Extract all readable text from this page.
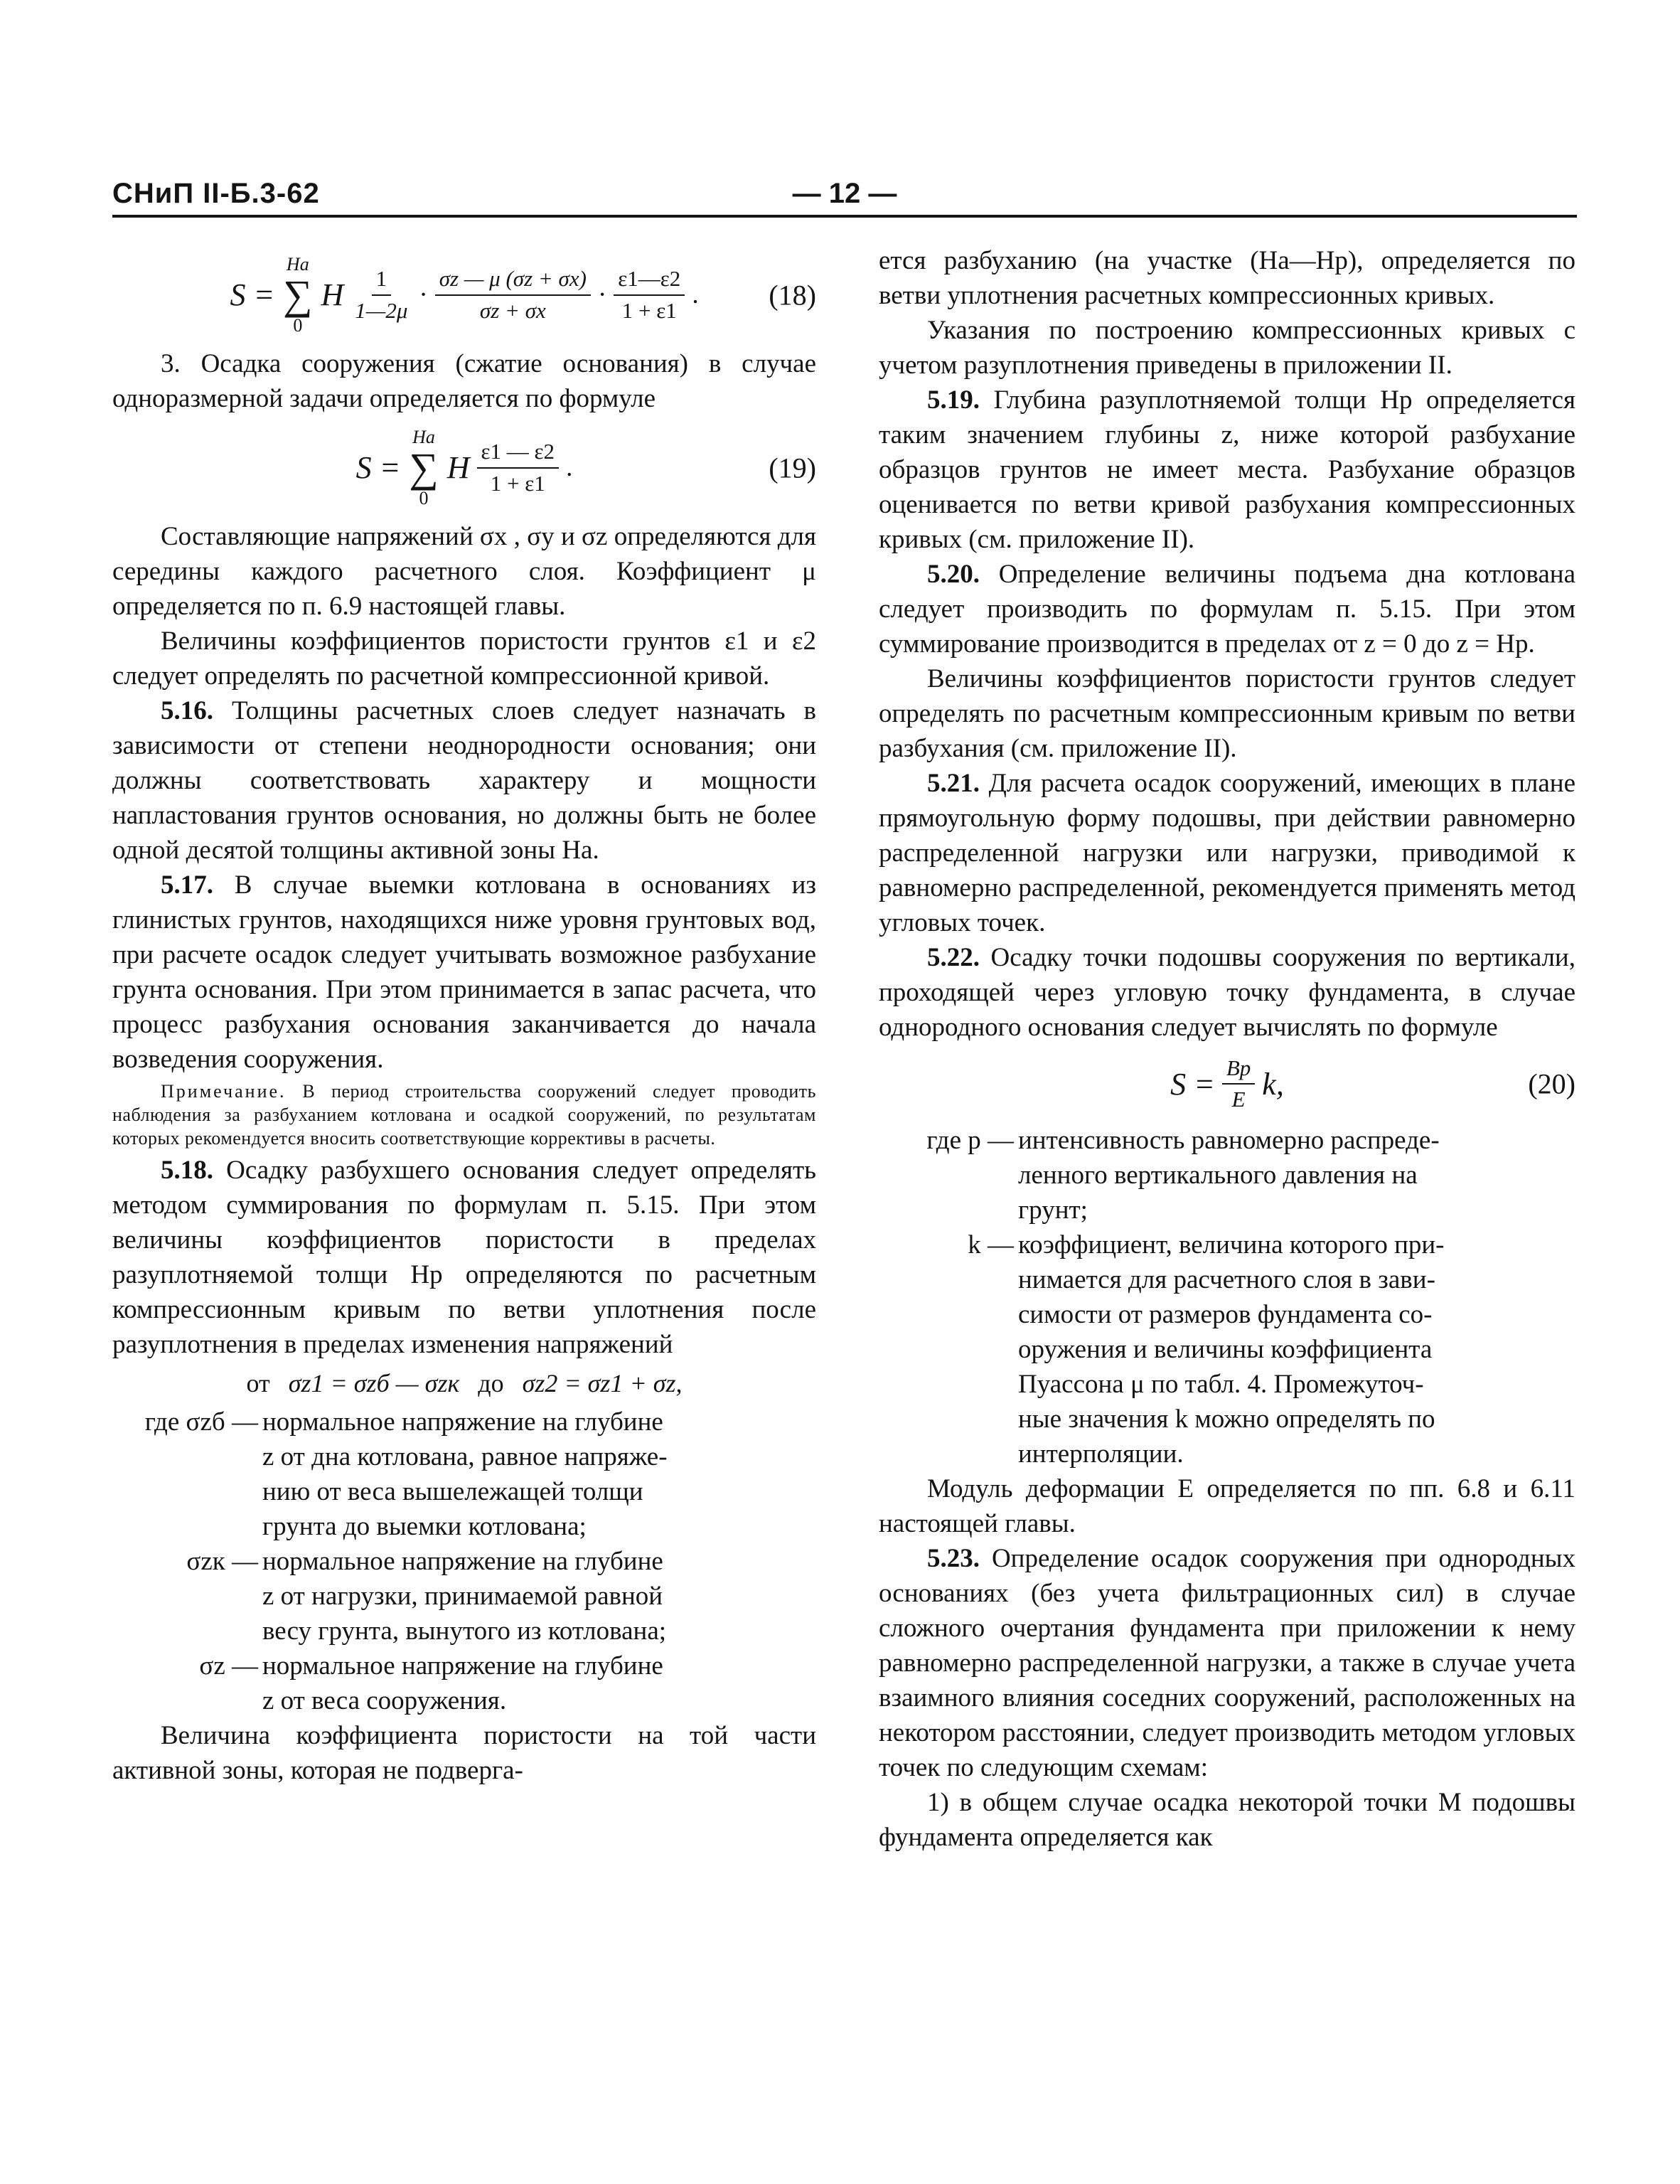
СНиП II-Б.3-62	— 12 —
S =
Hа
∑
0
H $\frac{1}{1—2\mu} \cdot \frac{\sigma z — \mu (\sigma z + \sigma x)}{\sigma z + \sigma x} \cdot \frac{\varepsilon 1—\varepsilon 2}{1 + \varepsilon 1}$ . (18)

3. Осадка сооружения (сжатие основания) в случае одноразмерной задачи определяется по формуле

S =
Hа
∑
0
H $\frac{\varepsilon 1 — \varepsilon 2}{1 + \varepsilon 1}$ .	(19)

Составляющие напряжений σx , σy и σz определяются для середины каждого расчетного слоя. Коэффициент μ определяется по п. 6.9 настоящей главы.

Величины коэффициентов пористости грунтов ε1 и ε2 следует определять по расчетной компрессионной кривой.

5.16. Толщины расчетных слоев следует назначать в зависимости от степени неоднородности основания; они должны соответствовать характеру и мощности напластования грунтов основания, но должны быть не более одной десятой толщины активной зоны Hа.

5.17. В случае выемки котлована в основаниях из глинистых грунтов, находящихся ниже уровня грунтовых вод, при расчете осадок следует учитывать возможное разбухание грунта основания. При этом принимается в запас расчета, что процесс разбухания основания заканчивается до начала возведения сооружения.

Примечание. В период строительства сооружений следует проводить наблюдения за разбуханием котлована и осадкой сооружений, по результатам которых рекомендуется вносить соответствующие коррективы в расчеты.

5.18. Осадку разбухшего основания следует определять методом суммирования по формулам п. 5.15. При этом величины коэффициентов пористости в пределах разуплотняемой толщи Hр определяются по расчетным компрессионным кривым по ветви уплотнения после разуплотнения в пределах изменения напряжений

от σz1 = σzб — σzк до σz2 = σz1 + σz,
где σzб — нормальное напряжение на глубине

z от дна котлована, равное напряже-

нию от веса вышележащей толщи

грунта до выемки котлована;

σzк — нормальное напряжение на глубине

z от нагрузки, принимаемой равной

весу грунта, вынутого из котлована;

σz — нормальное напряжение на глубине

z от веса сооружения.

Величина коэффициента пористости на той части активной зоны, которая не подверга-

ется разбуханию (на участке (Hа—Hр), определяется по ветви уплотнения расчетных компрессионных кривых.

Указания по построению компрессионных кривых с учетом разуплотнения приведены в приложении II.

5.19. Глубина разуплотняемой толщи Hр определяется таким значением глубины z, ниже которой разбухание образцов грунтов не имеет места. Разбухание образцов оценивается по ветви кривой разбухания компрессионных кривых (см. приложение II).

5.20. Определение величины подъема дна котлована следует производить по формулам п. 5.15. При этом суммирование производится в пределах от z = 0 до z = Hр.

Величины коэффициентов пористости грунтов следует определять по расчетным компрессионным кривым по ветви разбухания (см. приложение II).

5.21. Для расчета осадок сооружений, имеющих в плане прямоугольную форму подошвы, при действии равномерно распределенной нагрузки или нагрузки, приводимой к равномерно распределенной, рекомендуется применять метод угловых точек.

5.22. Осадку точки подошвы сооружения по вертикали, проходящей через угловую точку фундамента, в случае однородного основания следует вычислять по формуле

$S = \frac{Bp}{E} k$,	(20)
где p — интенсивность равномерно распреде-

ленного вертикального давления на

грунт;

k — коэффициент, величина которого при-

нимается для расчетного слоя в зави-

симости от размеров фундамента со-

оружения и величины коэффициента

Пуассона μ по табл. 4. Промежуточ-

ные значения k можно определять по

интерполяции.

Модуль деформации E определяется по пп. 6.8 и 6.11 настоящей главы.

5.23. Определение осадок сооружения при однородных основаниях (без учета фильтрационных сил) в случае сложного очертания фундамента при приложении к нему равномерно распределенной нагрузки, а также в случае учета взаимного влияния соседних сооружений, расположенных на некотором расстоянии, следует производить методом угловых точек по следующим схемам:

1) в общем случае осадка некоторой точки M подошвы фундамента определяется как
